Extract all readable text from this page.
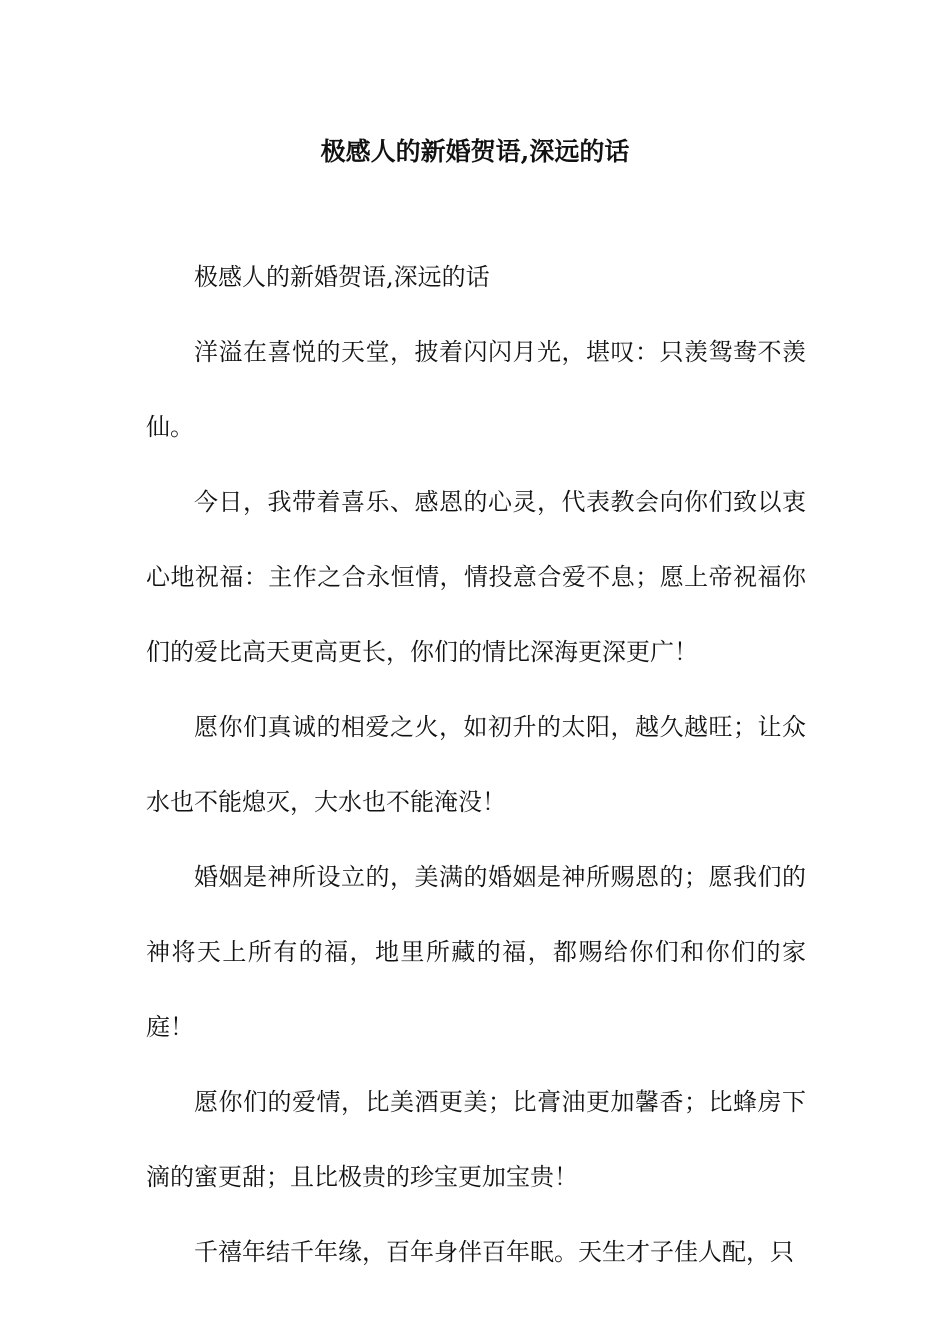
极感人的新婚贺语,深远的话

极感人的新婚贺语,深远的话

洋溢在喜悦的天堂，披着闪闪月光，堪叹：只羡鸳鸯不羡仙。

今日，我带着喜乐、感恩的心灵，代表教会向你们致以衷心地祝福：主作之合永恒情，情投意合爱不息；愿上帝祝福你们的爱比高天更高更长，你们的情比深海更深更广！

愿你们真诚的相爱之火，如初升的太阳，越久越旺；让众水也不能熄灭，大水也不能淹没！

婚姻是神所设立的，美满的婚姻是神所赐恩的；愿我们的神将天上所有的福，地里所藏的福，都赐给你们和你们的家庭！

愿你们的爱情，比美酒更美；比膏油更加馨香；比蜂房下滴的蜜更甜；且比极贵的珍宝更加宝贵！

千禧年结千年缘，百年身伴百年眠。天生才子佳人配，只
